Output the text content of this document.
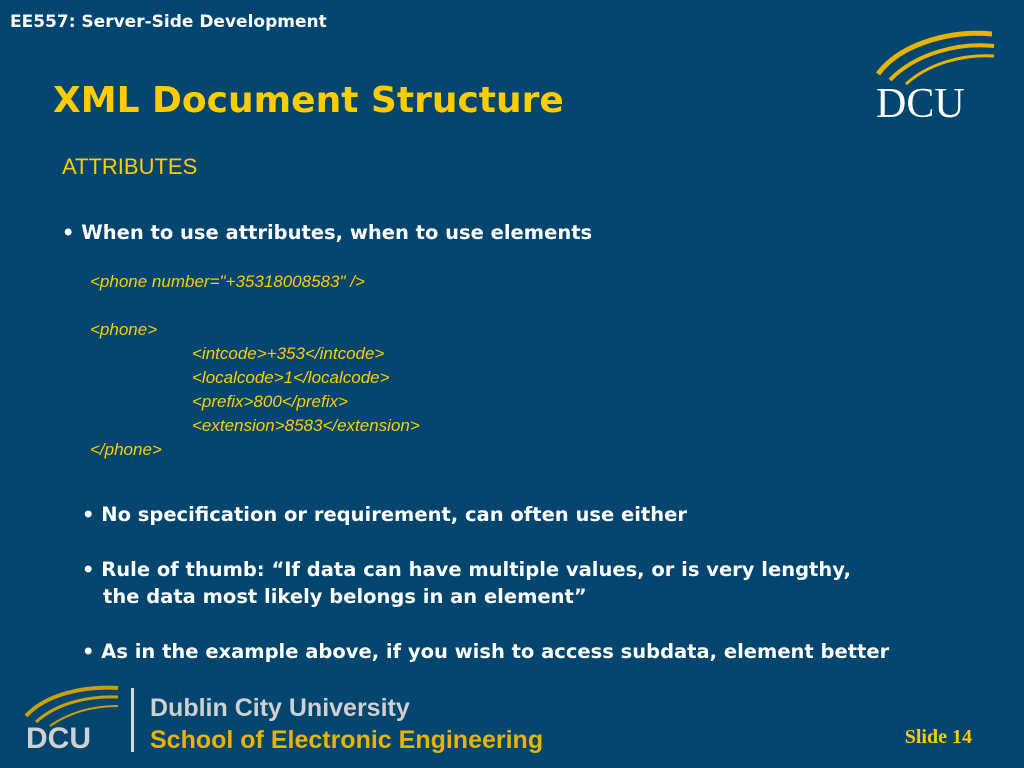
EE557: Server-Side Development
DCU
XML Document Structure
ATTRIBUTES
• When to use attributes, when to use elements
<phone number="+35318008583" />
<phone>
<intcode>+353</intcode>
<localcode>1</localcode>
<prefix>800</prefix>
<extension>8583</extension>
</phone>
• No specification or requirement, can often use either
• Rule of thumb: “If data can have multiple values, or is very lengthy,
the data most likely belongs in an element”
• As in the example above, if you wish to access subdata, element better
DCU
Dublin City University
School of Electronic Engineering	Slide 14
